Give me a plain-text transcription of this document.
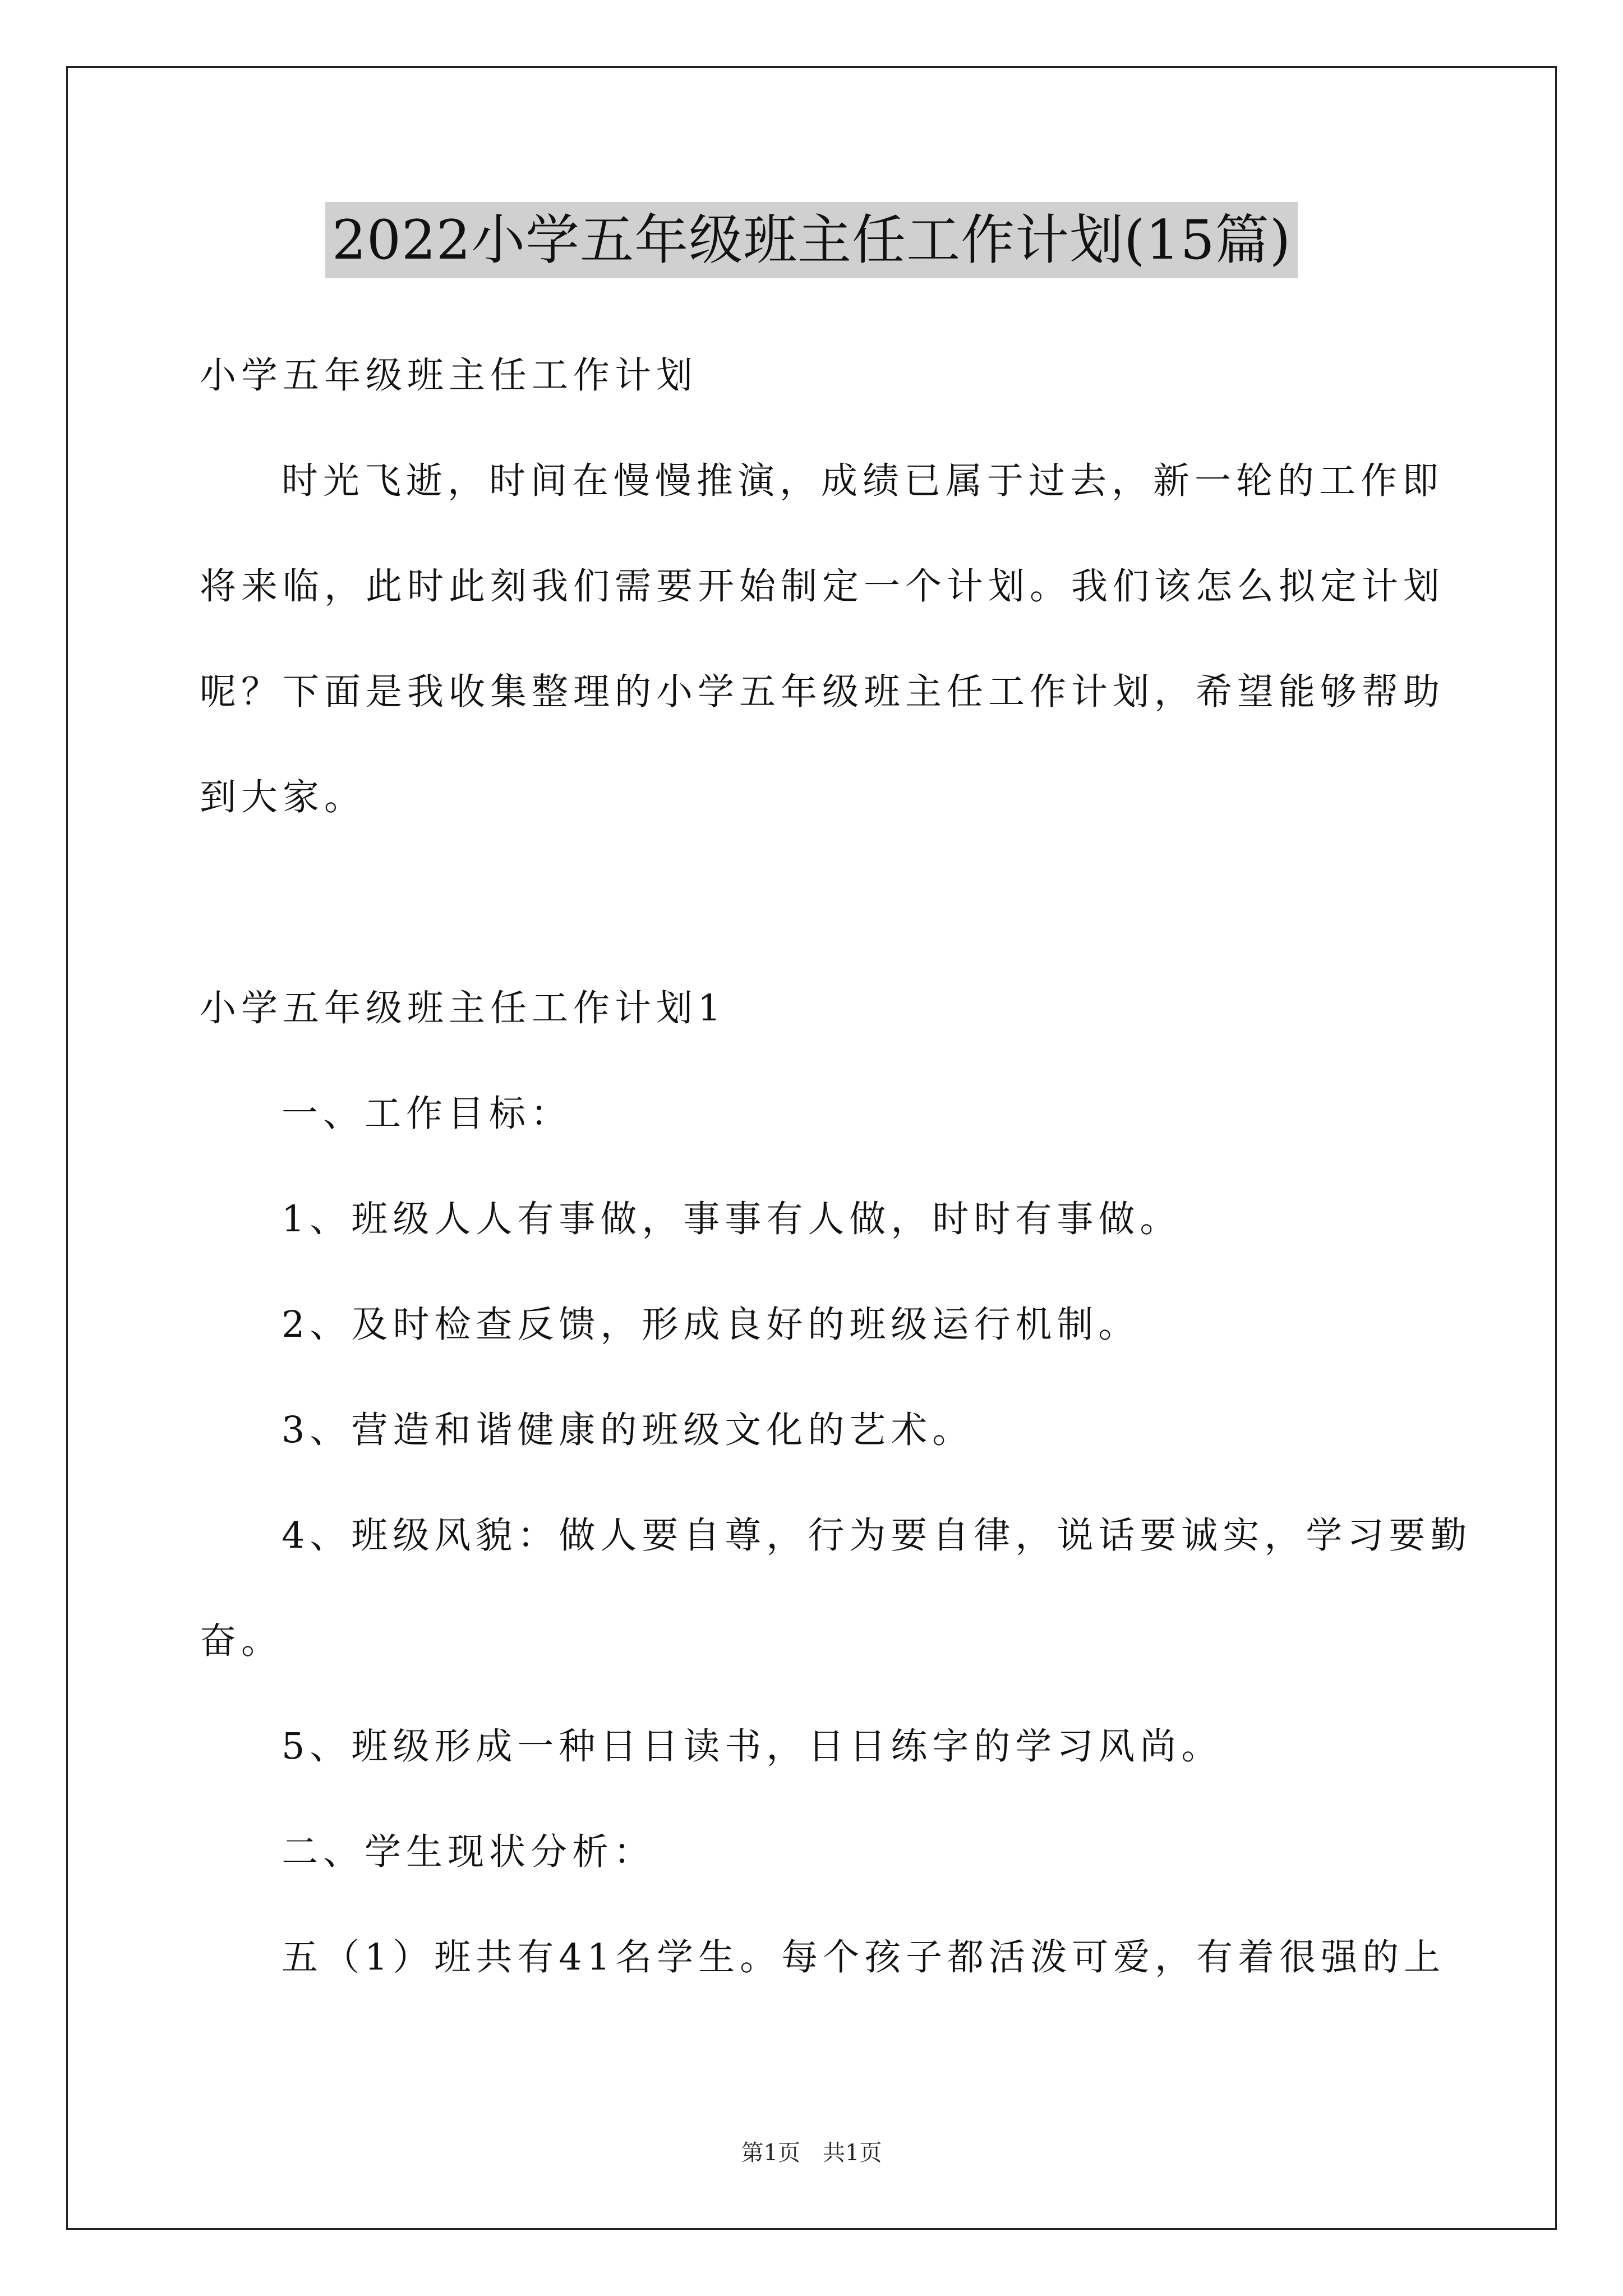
2022小学五年级班主任工作计划(15篇)
小学五年级班主任工作计划
时光飞逝，时间在慢慢推演，成绩已属于过去，新一轮的工作即
将来临，此时此刻我们需要开始制定一个计划。我们该怎么拟定计划
呢？下面是我收集整理的小学五年级班主任工作计划，希望能够帮助
到大家。
小学五年级班主任工作计划1
一、工作目标：
1、班级人人有事做，事事有人做，时时有事做。
2、及时检查反馈，形成良好的班级运行机制。
3、营造和谐健康的班级文化的艺术。
4、班级风貌：做人要自尊，行为要自律，说话要诚实，学习要勤
奋。
5、班级形成一种日日读书，日日练字的学习风尚。
二、学生现状分析：
五（1）班共有41名学生。每个孩子都活泼可爱，有着很强的上
第1页 共1页
